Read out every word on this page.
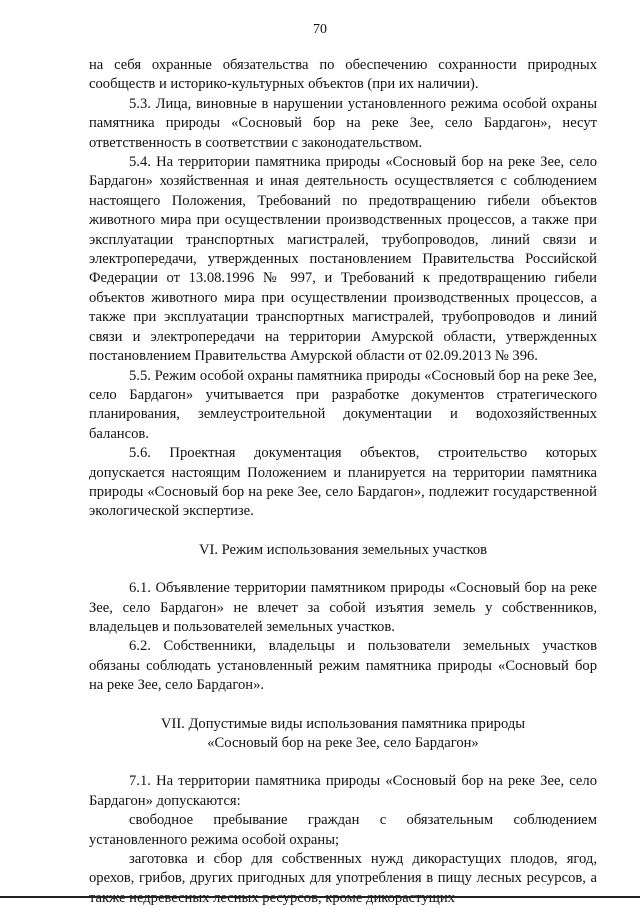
70

на себя охранные обязательства по обеспечению сохранности природных сообществ и историко-культурных объектов (при их наличии).

5.3. Лица, виновные в нарушении установленного режима особой охраны памятника природы «Сосновый бор на реке Зее, село Бардагон», несут ответственность в соответствии с законодательством.

5.4. На территории памятника природы «Сосновый бор на реке Зее, село Бардагон» хозяйственная и иная деятельность осуществляется с соблюдением настоящего Положения, Требований по предотвращению гибели объектов животного мира при осуществлении производственных процессов, а также при эксплуатации транспортных магистралей, трубопроводов, линий связи и электропередачи, утвержденных постановлением Правительства Российской Федерации от 13.08.1996 № 997, и Требований к предотвращению гибели объектов животного мира при осуществлении производственных процессов, а также при эксплуатации транспортных магистралей, трубопроводов и линий связи и электропередачи на территории Амурской области, утвержденных постановлением Правительства Амурской области от 02.09.2013 № 396.

5.5. Режим особой охраны памятника природы «Сосновый бор на реке Зее, село Бардагон» учитывается при разработке документов стратегического планирования, землеустроительной документации и водохозяйственных балансов.

5.6. Проектная документация объектов, строительство которых допускается настоящим Положением и планируется на территории памятника природы «Сосновый бор на реке Зее, село Бардагон», подлежит государственной экологической экспертизе.

VI. Режим использования земельных участков

6.1. Объявление территории памятником природы «Сосновый бор на реке Зее, село Бардагон» не влечет за собой изъятия земель у собственников, владельцев и пользователей земельных участков.

6.2. Собственники, владельцы и пользователи земельных участков обязаны соблюдать установленный режим памятника природы «Сосновый бор на реке Зее, село Бардагон».

VII. Допустимые виды использования памятника природы

«Сосновый бор на реке Зее, село Бардагон»

7.1. На территории памятника природы «Сосновый бор на реке Зее, село Бардагон» допускаются:

свободное пребывание граждан с обязательным соблюдением установленного режима особой охраны;

заготовка и сбор для собственных нужд дикорастущих плодов, ягод, орехов, грибов, других пригодных для употребления в пищу лесных ресурсов, а
